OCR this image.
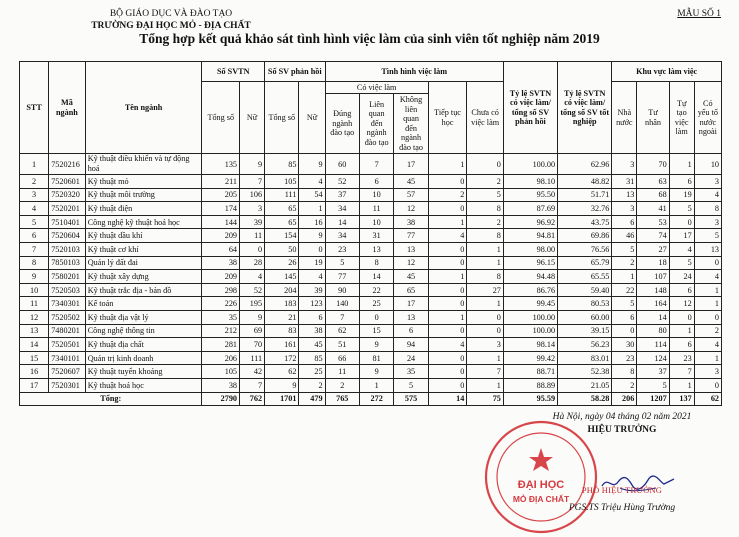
BỘ GIÁO DỤC VÀ ĐÀO TẠO
TRƯỜNG ĐẠI HỌC MỎ - ĐỊA CHẤT
MẪU SỐ 1
Tổng hợp kết quả khảo sát tình hình việc làm của sinh viên tốt nghiệp năm 2019
STT	Mã ngành	Tên ngành	Số SVTN		Số SV phản hồi		Tình hình việc làm					Tỷ lệ SVTN có việc làm/ tổng số SV phản hồi	Tỷ lệ SVTN có việc làm/ tổng số SV tốt nghiệp	Khu vực làm việc			
			Tổng số	Nữ	Tổng số	Nữ	Có việc làm			Tiếp tục học	Chưa có việc làm			Nhà nước	Tư nhân	Tự tạo việc làm	Có yếu tố nước ngoài
							Đúng ngành đào tạo	Liên quan đến ngành đào tạo	Không liên quan đến ngành đào tạo								
1	7520216	Kỹ thuật điều khiển và tự động hoá	135	9	85	9	60	7	17	1	0	100.00	62.96	3	70	1	10
2	7520601	Kỹ thuật mỏ	211	7	105	4	52	6	45	0	2	98.10	48.82	31	63	6	3
3	7520320	Kỹ thuật môi trường	205	106	111	54	37	10	57	2	5	95.50	51.71	13	68	19	4
4	7520201	Kỹ thuật điện	174	3	65	1	34	11	12	0	8	87.69	32.76	3	41	5	8
5	7510401	Công nghệ kỹ thuật hoá học	144	39	65	16	14	10	38	1	2	96.92	43.75	6	53	0	3
6	7520604	Kỹ thuật dầu khí	209	11	154	9	34	31	77	4	8	94.81	69.86	46	74	17	5
7	7520103	Kỹ thuật cơ khí	64	0	50	0	23	13	13	0	1	98.00	76.56	5	27	4	13
8	7850103	Quản lý đất đai	38	28	26	19	5	8	12	0	1	96.15	65.79	2	18	5	0
9	7580201	Kỹ thuật xây dựng	209	4	145	4	77	14	45	1	8	94.48	65.55	1	107	24	4
10	7520503	Kỹ thuật trắc địa - bản đồ	298	52	204	39	90	22	65	0	27	86.76	59.40	22	148	6	1
11	7340301	Kế toán	226	195	183	123	140	25	17	0	1	99.45	80.53	5	164	12	1
12	7520502	Kỹ thuật địa vật lý	35	9	21	6	7	0	13	1	0	100.00	60.00	6	14	0	0
13	7480201	Công nghệ thông tin	212	69	83	38	62	15	6	0	0	100.00	39.15	0	80	1	2
14	7520501	Kỹ thuật địa chất	281	70	161	45	51	9	94	4	3	98.14	56.23	30	114	6	4
15	7340101	Quản trị kinh doanh	206	111	172	85	66	81	24	0	1	99.42	83.01	23	124	23	1
16	7520607	Kỹ thuật tuyển khoáng	105	42	62	25	11	9	35	0	7	88.71	52.38	8	37	7	3
17	7520301	Kỹ thuật hoá học	38	7	9	2	2	1	5	0	1	88.89	21.05	2	5	1	0
Tổng:			2790	762	1701	479	765	272	575	14	75	95.59	58.28	206	1207	137	62
ĐẠI HỌC
MỎ ĐỊA CHẤT
Hà Nội, ngày 04 tháng 02 năm 2021
HIỆU TRƯỞNG
PHÓ HIỆU TRƯỞNG
PGS.TS Triệu Hùng Trường
